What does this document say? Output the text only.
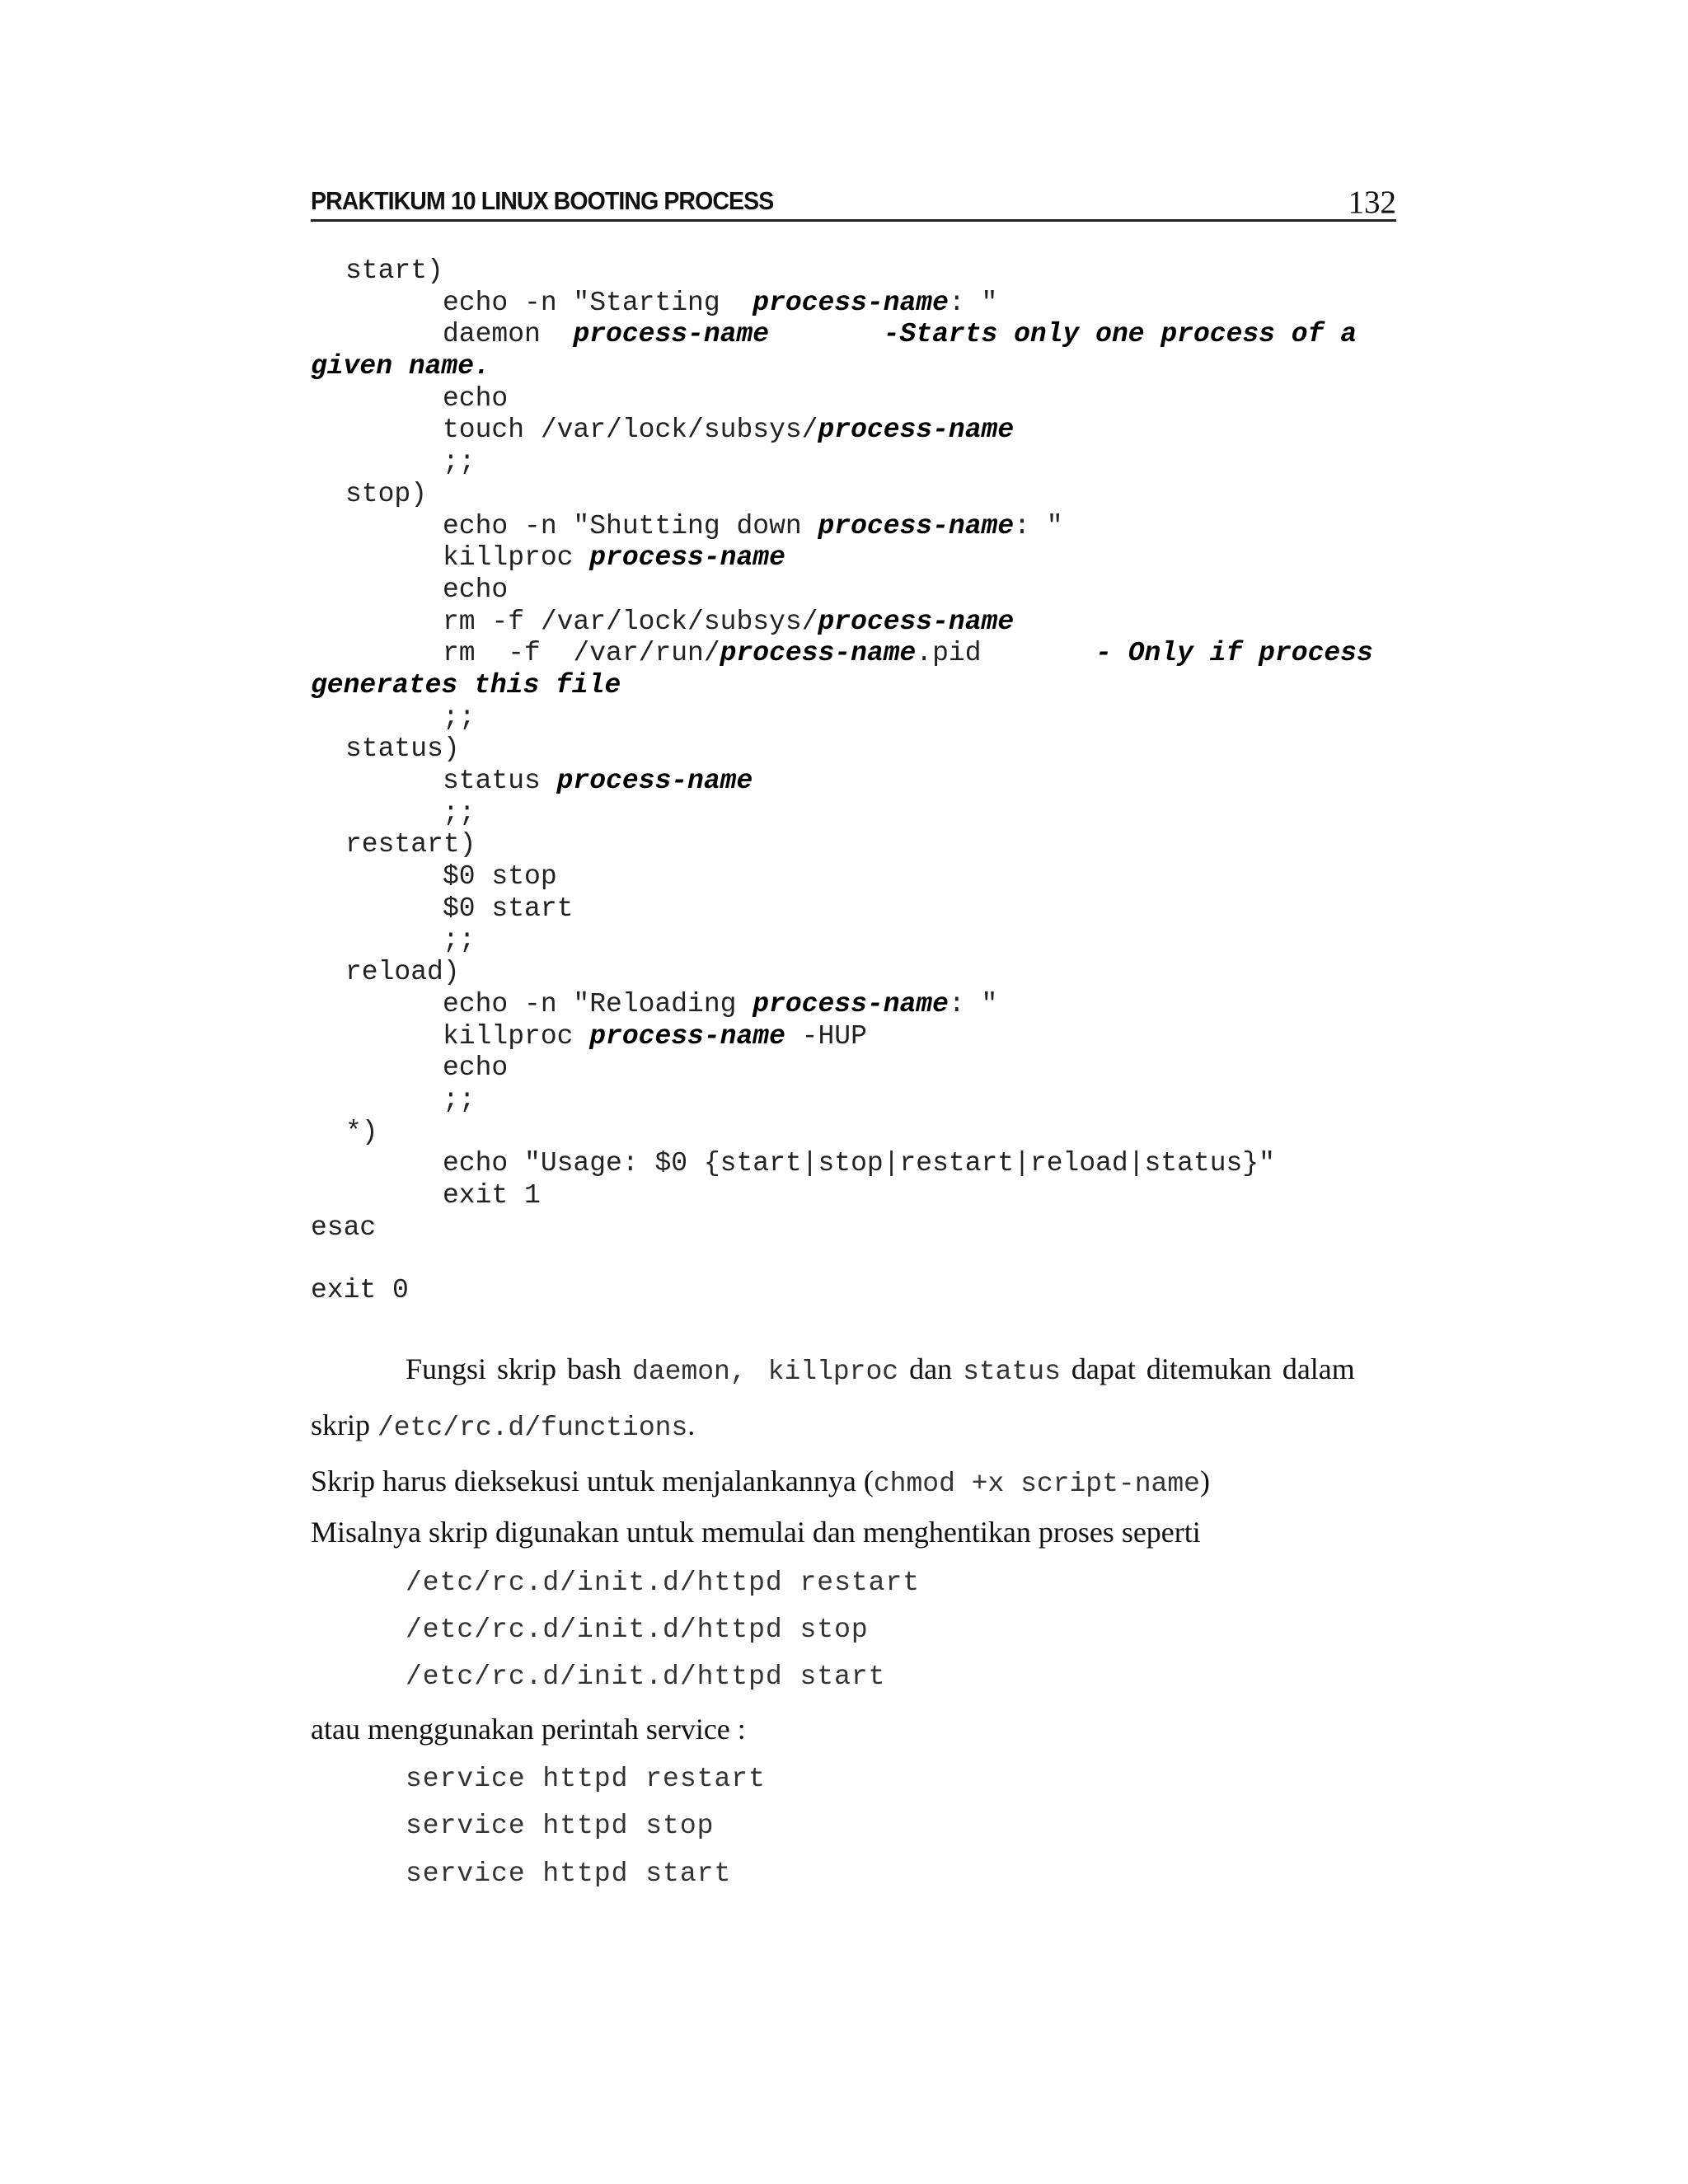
PRAKTIKUM 10 LINUX BOOTING PROCESS	132
start)
echo -n "Starting  process-name: "
daemon  process-name       -Starts only one process of a
given name.
echo
touch /var/lock/subsys/process-name
;;
stop)
echo -n "Shutting down process-name: "
killproc process-name
echo
rm -f /var/lock/subsys/process-name
rm  -f  /var/run/process-name.pid       - Only if process
generates this file
;;
status)
status process-name
;;
restart)
$0 stop
$0 start
;;
reload)
echo -n "Reloading process-name: "
killproc process-name -HUP
echo
;;
*)
echo "Usage: $0 {start|stop|restart|reload|status}"
exit 1
esac
exit 0
Fungsi skrip bash daemon, killproc dan status dapat ditemukan dalam
skrip /etc/rc.d/functions.
Skrip harus dieksekusi untuk menjalankannya (chmod +x script-name)
Misalnya skrip digunakan untuk memulai dan menghentikan proses seperti
/etc/rc.d/init.d/httpd restart
/etc/rc.d/init.d/httpd stop
/etc/rc.d/init.d/httpd start
atau menggunakan perintah service :
service httpd restart
service httpd stop
service httpd start
